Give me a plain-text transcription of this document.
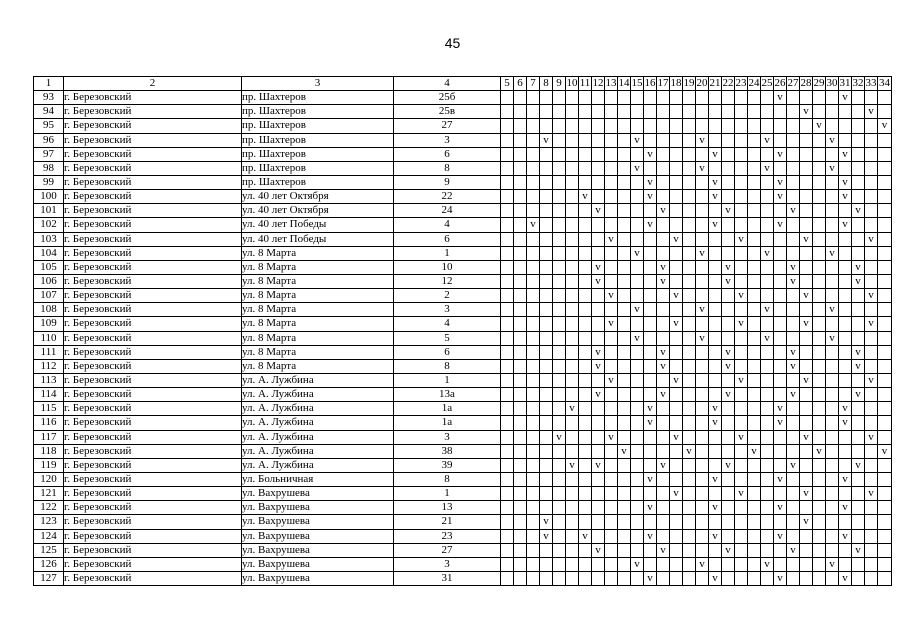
45
1	2	3	4	5	6	7	8	9	10	11	12	13	14	15	16	17	18	19	20	21	22	23	24	25	26	27	28	29	30	31	32	33	34
93	г. Березовский	пр. Шахтеров	25б																						v					v			
94	г. Березовский	пр. Шахтеров	25в																								v					v	
95	г. Березовский	пр. Шахтеров	27																									v					v
96	г. Березовский	пр. Шахтеров	3				v							v					v					v					v				
97	г. Березовский	пр. Шахтеров	6												v					v					v					v			
98	г. Березовский	пр. Шахтеров	8											v					v					v					v				
99	г. Березовский	пр. Шахтеров	9												v					v					v					v			
100	г. Березовский	ул. 40 лет Октября	22							v					v					v					v					v			
101	г. Березовский	ул. 40 лет Октября	24								v					v					v					v					v		
102	г. Березовский	ул. 40 лет Победы	4			v									v					v					v					v			
103	г. Березовский	ул. 40 лет Победы	6									v					v					v					v					v	
104	г. Березовский	ул. 8 Марта	1											v					v					v					v				
105	г. Березовский	ул. 8 Марта	10								v					v					v					v					v		
106	г. Березовский	ул. 8 Марта	12								v					v					v					v					v		
107	г. Березовский	ул. 8 Марта	2									v					v					v					v					v	
108	г. Березовский	ул. 8 Марта	3											v					v					v					v				
109	г. Березовский	ул. 8 Марта	4									v					v					v					v					v	
110	г. Березовский	ул. 8 Марта	5											v					v					v					v				
111	г. Березовский	ул. 8 Марта	6								v					v					v					v					v		
112	г. Березовский	ул. 8 Марта	8								v					v					v					v					v		
113	г. Березовский	ул. А. Лужбина	1									v					v					v					v					v	
114	г. Березовский	ул. А. Лужбина	13а								v					v					v					v					v		
115	г. Березовский	ул. А. Лужбина	1а						v						v					v					v					v			
116	г. Березовский	ул. А. Лужбина	1а												v					v					v					v			
117	г. Березовский	ул. А. Лужбина	3					v				v					v					v					v					v	
118	г. Березовский	ул. А. Лужбина	38										v					v					v					v					v
119	г. Березовский	ул. А. Лужбина	39						v		v					v					v					v					v		
120	г. Березовский	ул. Больничная	8												v					v					v					v			
121	г. Березовский	ул. Вахрушева	1														v					v					v					v	
122	г. Березовский	ул. Вахрушева	13												v					v					v					v			
123	г. Березовский	ул. Вахрушева	21				v																				v						
124	г. Березовский	ул. Вахрушева	23				v			v					v					v					v					v			
125	г. Березовский	ул. Вахрушева	27								v					v					v					v					v		
126	г. Березовский	ул. Вахрушева	3											v					v					v					v				
127	г. Березовский	ул. Вахрушева	31												v					v					v					v			
